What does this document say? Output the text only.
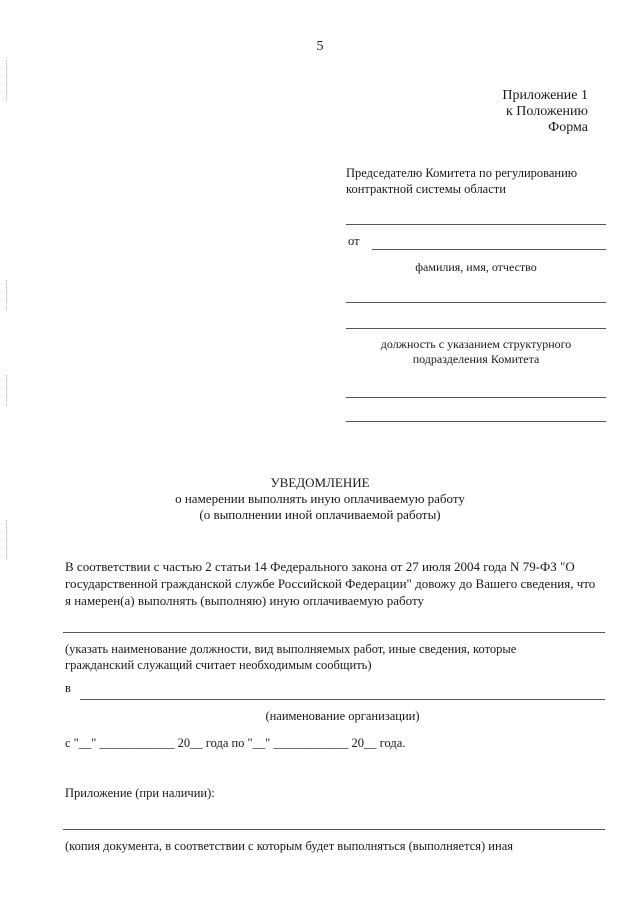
5
Приложение 1
к Положению
Форма
Председателю Комитета по регулированию
контрактной системы области
от
фамилия, имя, отчество
должность с указанием структурного
подразделения Комитета
УВЕДОМЛЕНИЕ
о намерении выполнять иную оплачиваемую работу
(о выполнении иной оплачиваемой работы)
В соответствии с частью 2 статьи 14 Федерального закона от 27 июля 2004 года N 79-ФЗ "О
государственной гражданской службе Российской Федерации" довожу до Вашего сведения, что
я намерен(а) выполнять (выполняю) иную оплачиваемую работу
(указать наименование должности, вид выполняемых работ, иные сведения, которые
гражданский служащий считает необходимым сообщить)
в
(наименование организации)
с "__" ____________ 20__ года по "__" ____________ 20__ года.
Приложение (при наличии):
(копия документа, в соответствии с которым будет выполняться (выполняется) иная
